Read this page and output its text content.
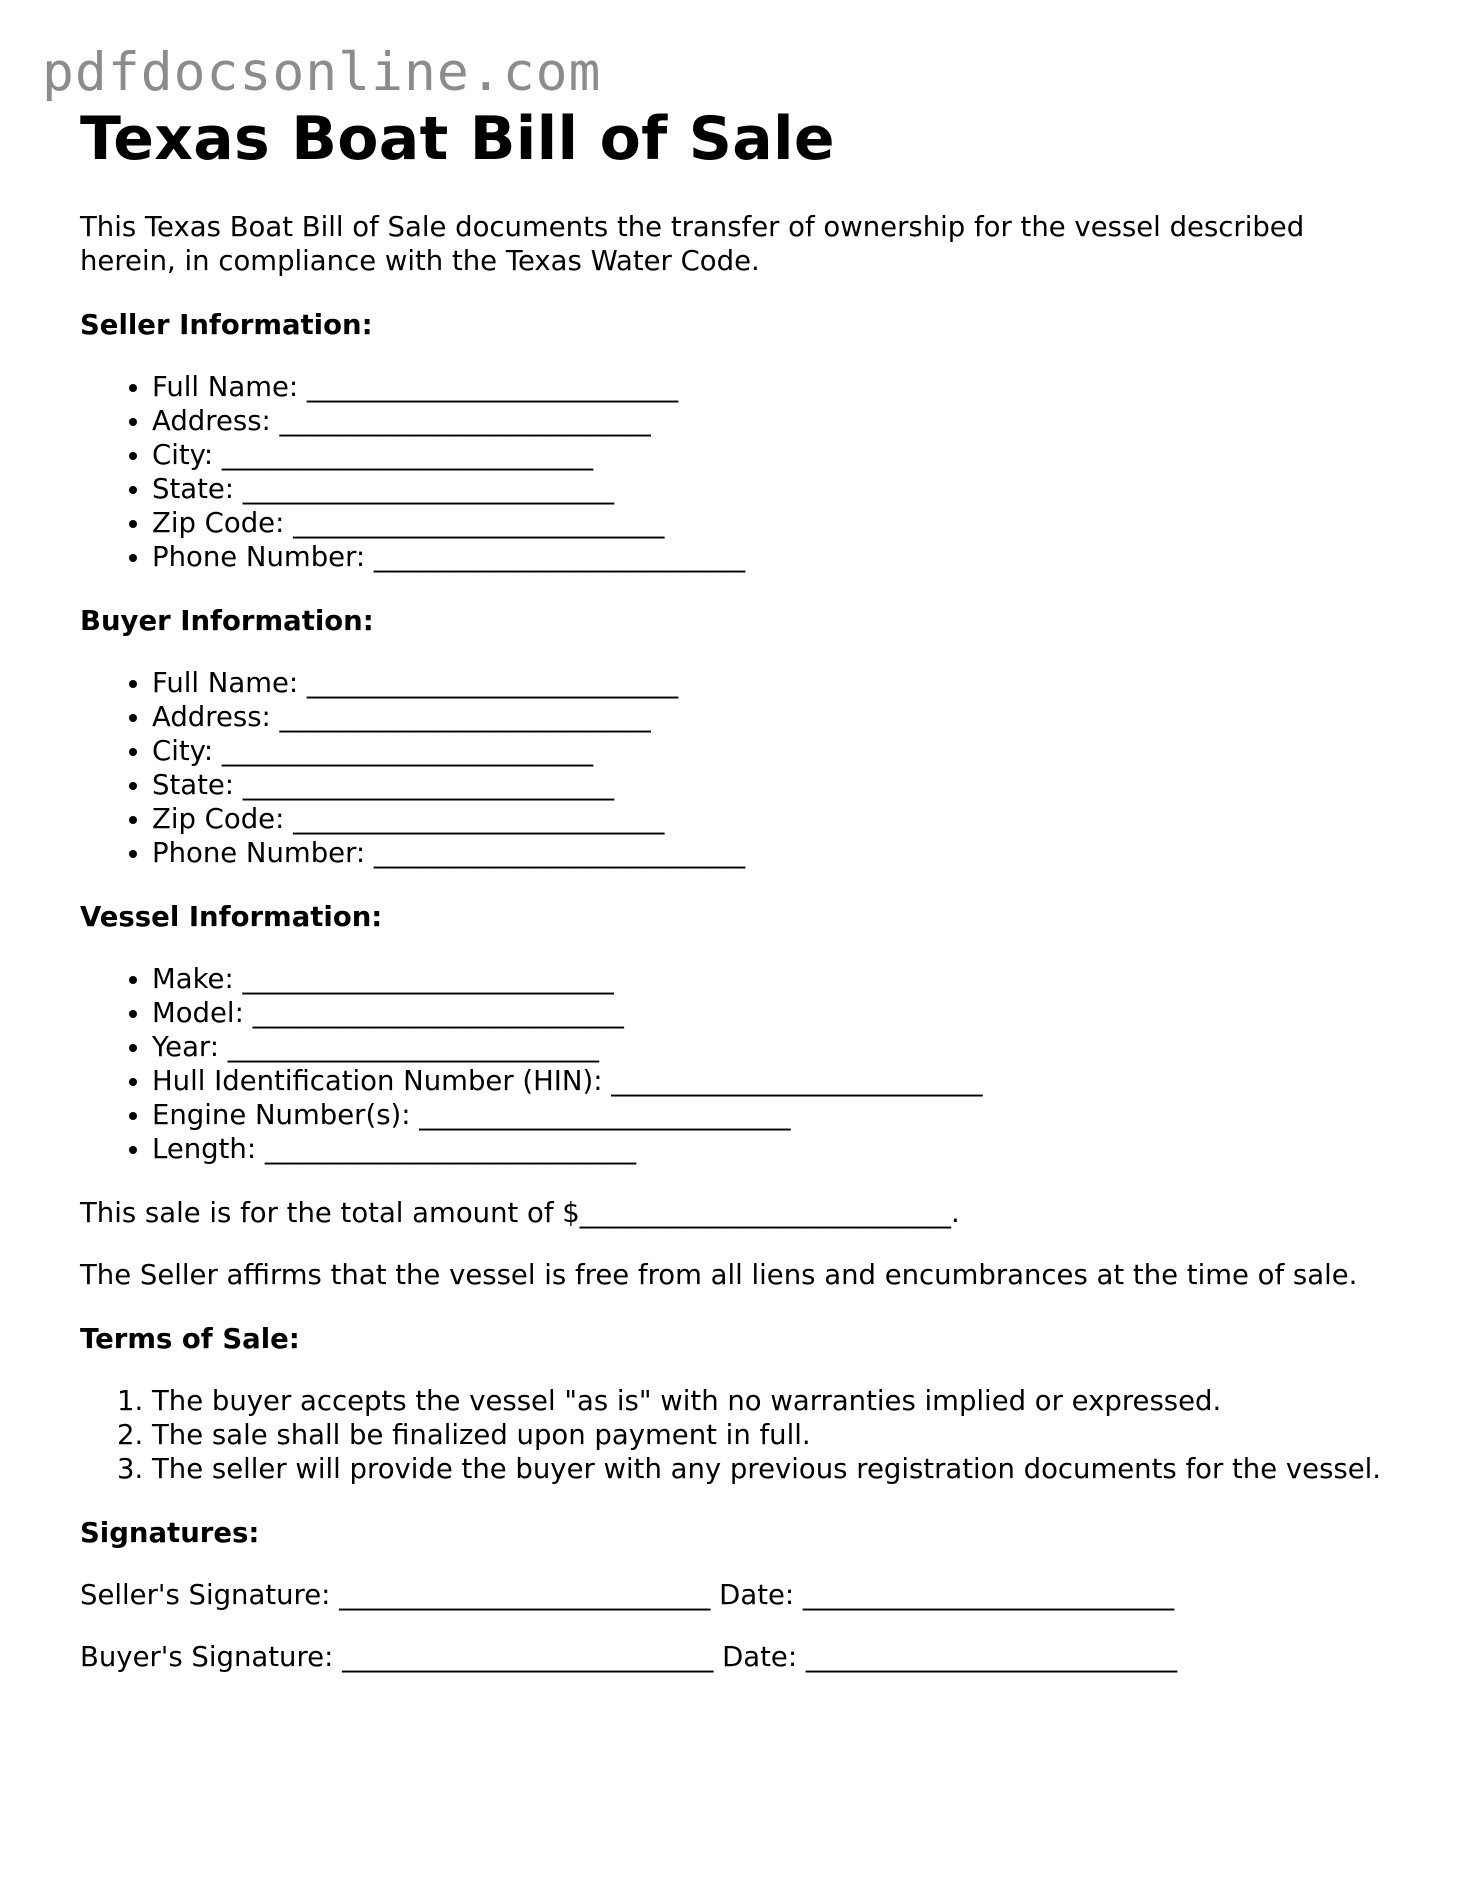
pdfdocsonline.com
Texas Boat Bill of Sale

This Texas Boat Bill of Sale documents the transfer of ownership for the vessel described herein, in compliance with the Texas Water Code.

Seller Information:
• Full Name: ___________________________
• Address: ___________________________
• City: ___________________________
• State: ___________________________
• Zip Code: ___________________________
• Phone Number: ___________________________
Buyer Information:
• Full Name: ___________________________
• Address: ___________________________
• City: ___________________________
• State: ___________________________
• Zip Code: ___________________________
• Phone Number: ___________________________
Vessel Information:
• Make: ___________________________
• Model: ___________________________
• Year: ___________________________
• Hull Identification Number (HIN): ___________________________
• Engine Number(s): ___________________________
• Length: ___________________________

This sale is for the total amount of $___________________________.

The Seller affirms that the vessel is free from all liens and encumbrances at the time of sale.

Terms of Sale:
1. The buyer accepts the vessel "as is" with no warranties implied or expressed.
2. The sale shall be finalized upon payment in full.
3. The seller will provide the buyer with any previous registration documents for the vessel.
Signatures:

Seller's Signature: ___________________________ Date: ___________________________

Buyer's Signature: ___________________________ Date: ___________________________
